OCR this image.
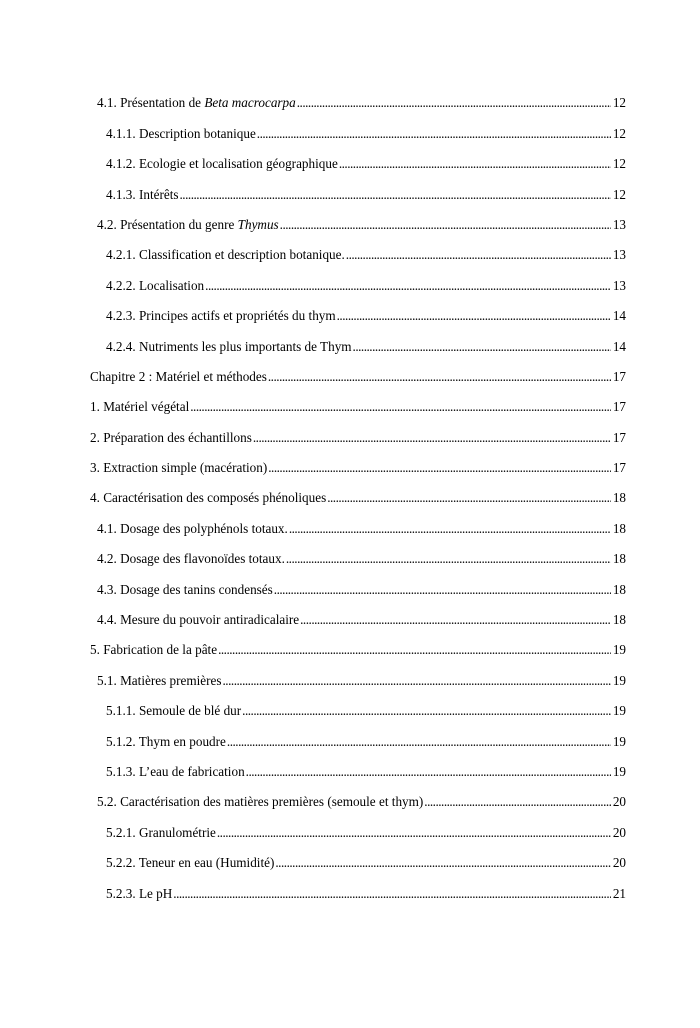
4.1. Présentation de Beta macrocarpa . . .	12
4.1.1. Description botanique . . .	12
4.1.2. Ecologie et localisation géographique . . .	12
4.1.3. Intérêts . . .	12
4.2. Présentation du genre Thymus . . .	13
4.2.1. Classification et description botanique. . . .	13
4.2.2. Localisation . . .	13
4.2.3. Principes actifs et propriétés du thym . . .	14
4.2.4. Nutriments les plus importants de Thym . . .	14
Chapitre 2 : Matériel et méthodes . . .	17
1. Matériel végétal . . .	17
2. Préparation des échantillons . . .	17
3. Extraction simple (macération) . . .	17
4. Caractérisation des composés phénoliques . . .	18
4.1. Dosage des polyphénols totaux. . . .	18
4.2. Dosage des flavonoïdes totaux. . . .	18
4.3. Dosage des tanins condensés . . .	18
4.4. Mesure du pouvoir antiradicalaire . . .	18
5. Fabrication de la pâte . . .	19
5.1. Matières premières . . .	19
5.1.1. Semoule de blé dur . . .	19
5.1.2. Thym en poudre . . .	19
5.1.3. L’eau de fabrication . . .	19
5.2. Caractérisation des matières premières (semoule et thym) . . .	20
5.2.1. Granulométrie . . .	20
5.2.2. Teneur en eau (Humidité) . . .	20
5.2.3. Le pH . . .	21
